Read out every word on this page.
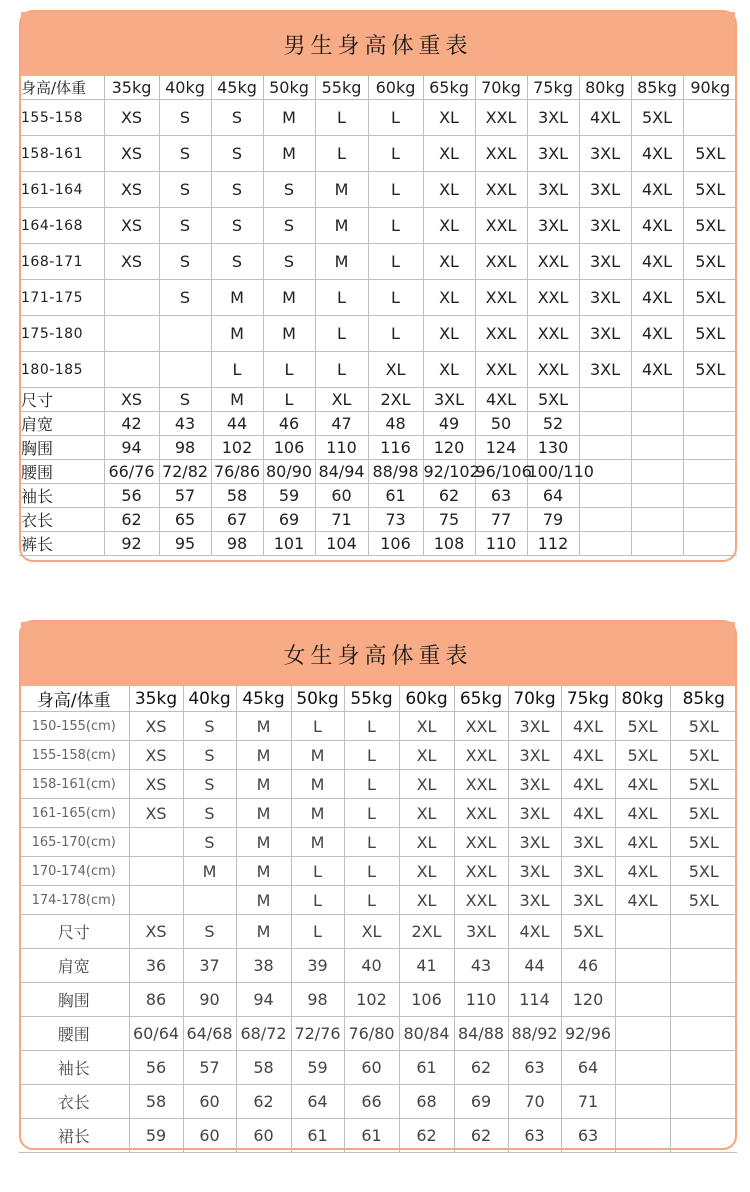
男生身高体重表
身高/体重	35kg	40kg	45kg	50kg	55kg	60kg	65kg	70kg	75kg	80kg	85kg	90kg
155-158	XS	S	S	M	L	L	XL	XXL	3XL	4XL	5XL	
158-161	XS	S	S	M	L	L	XL	XXL	3XL	3XL	4XL	5XL
161-164	XS	S	S	S	M	L	XL	XXL	3XL	3XL	4XL	5XL
164-168	XS	S	S	S	M	L	XL	XXL	3XL	3XL	4XL	5XL
168-171	XS	S	S	S	M	L	XL	XXL	XXL	3XL	4XL	5XL
171-175		S	M	M	L	L	XL	XXL	XXL	3XL	4XL	5XL
175-180			M	M	L	L	XL	XXL	XXL	3XL	4XL	5XL
180-185			L	L	L	XL	XL	XXL	XXL	3XL	4XL	5XL
尺寸	XS	S	M	L	XL	2XL	3XL	4XL	5XL			
肩宽	42	43	44	46	47	48	49	50	52			
胸围	94	98	102	106	110	116	120	124	130			
腰围	66/76	72/82	76/86	80/90	84/94	88/98	92/102	96/106	100/110			
袖长	56	57	58	59	60	61	62	63	64			
衣长	62	65	67	69	71	73	75	77	79			
裤长	92	95	98	101	104	106	108	110	112			
女生身高体重表
身高/体重	35kg	40kg	45kg	50kg	55kg	60kg	65kg	70kg	75kg	80kg	85kg
150-155(cm)	XS	S	M	L	L	XL	XXL	3XL	4XL	5XL	5XL
155-158(cm)	XS	S	M	M	L	XL	XXL	3XL	4XL	5XL	5XL
158-161(cm)	XS	S	M	M	L	XL	XXL	3XL	4XL	4XL	5XL
161-165(cm)	XS	S	M	M	L	XL	XXL	3XL	4XL	4XL	5XL
165-170(cm)		S	M	M	L	XL	XXL	3XL	3XL	4XL	5XL
170-174(cm)		M	M	L	L	XL	XXL	3XL	3XL	4XL	5XL
174-178(cm)			M	L	L	XL	XXL	3XL	3XL	4XL	5XL
尺寸	XS	S	M	L	XL	2XL	3XL	4XL	5XL		
肩宽	36	37	38	39	40	41	43	44	46		
胸围	86	90	94	98	102	106	110	114	120		
腰围	60/64	64/68	68/72	72/76	76/80	80/84	84/88	88/92	92/96		
袖长	56	57	58	59	60	61	62	63	64		
衣长	58	60	62	64	66	68	69	70	71		
裙长	59	60	60	61	61	62	62	63	63		
